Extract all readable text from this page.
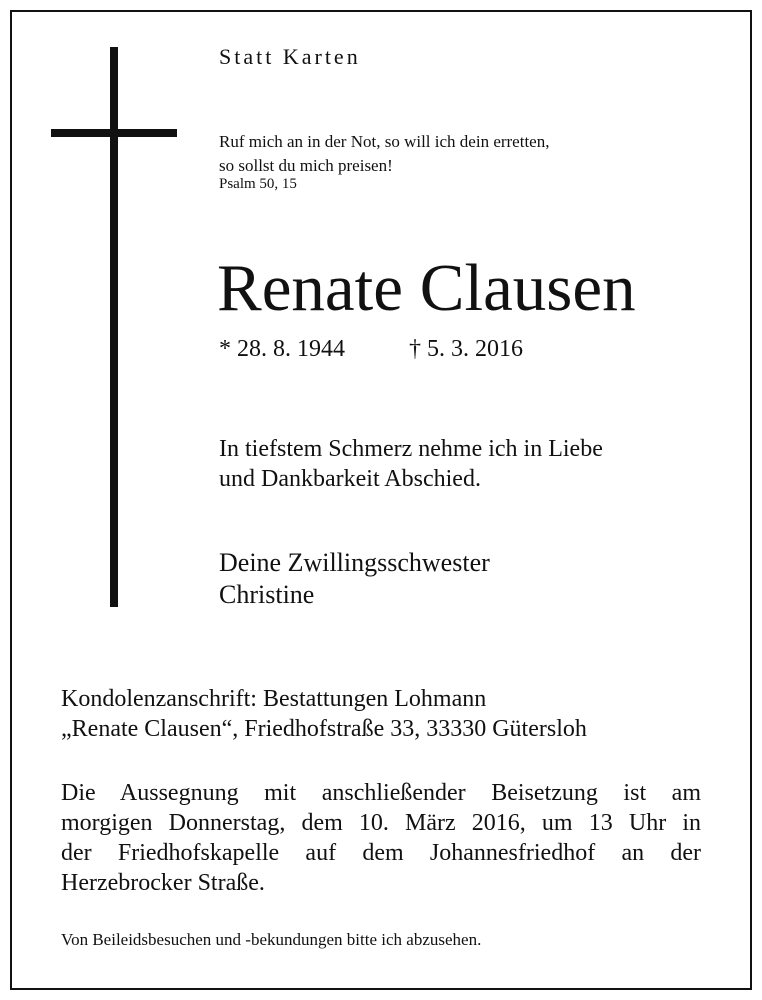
Statt Karten
Ruf mich an in der Not, so will ich dein erretten,
so sollst du mich preisen!
Psalm 50, 15
Renate Clausen
* 28. 8. 1944	† 5. 3. 2016
In tiefstem Schmerz nehme ich in Liebe
und Dankbarkeit Abschied.
Deine Zwillingsschwester
Christine
Kondolenzanschrift: Bestattungen Lohmann
„Renate Clausen“, Friedhofstraße 33, 33330 Gütersloh
Die Aussegnung mit anschließender Beisetzung ist am
morgigen Donnerstag, dem 10. März 2016, um 13 Uhr in
der Friedhofskapelle auf dem Johannesfriedhof an der
Herzebrocker Straße.
Von Beileidsbesuchen und -bekundungen bitte ich abzusehen.
